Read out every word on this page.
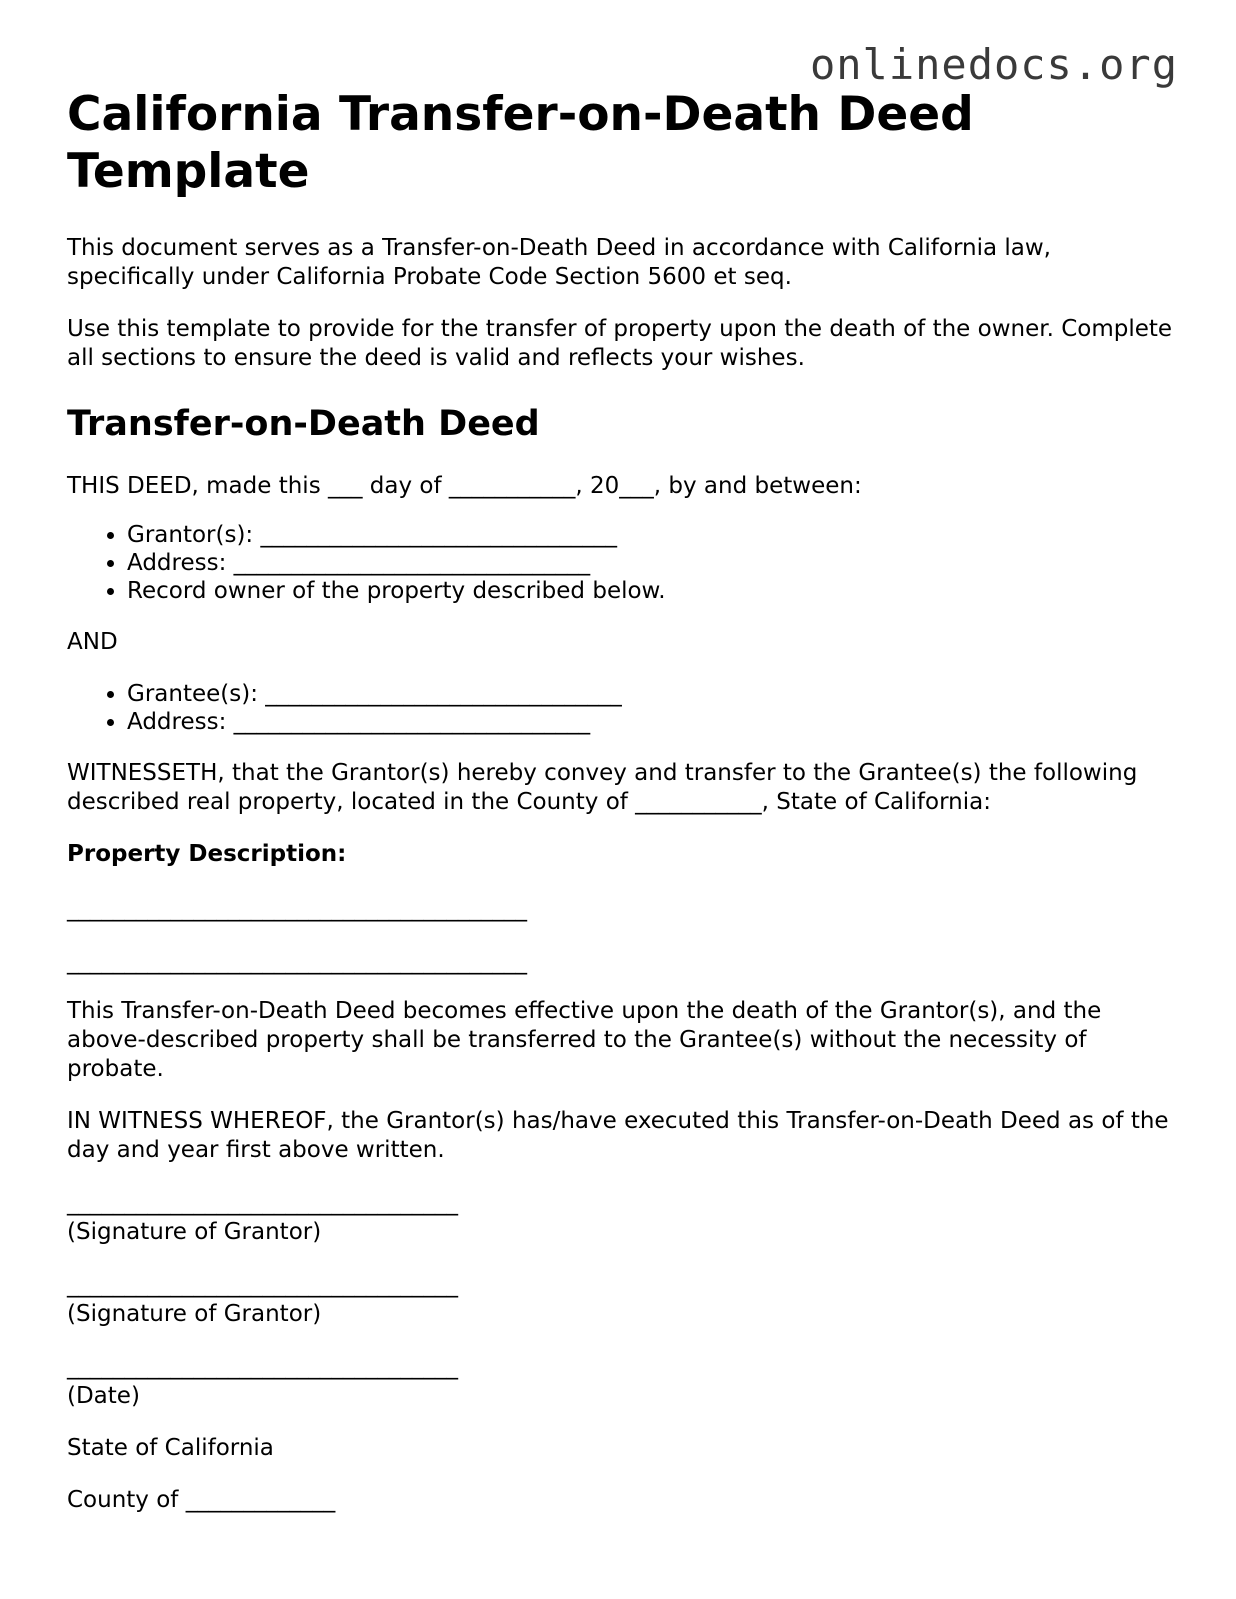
onlinedocs.org
California Transfer-on-Death Deed Template

This document serves as a Transfer-on-Death Deed in accordance with California law, specifically under California Probate Code Section 5600 et seq.

Use this template to provide for the transfer of property upon the death of the owner. Complete all sections to ensure the deed is valid and reflects your wishes.

Transfer-on-Death Deed

THIS DEED, made this ___ day of ___________, 20___, by and between:

• Grantor(s): _______________________________
• Address: _______________________________
• Record owner of the property described below.

AND

• Grantee(s): _______________________________
• Address: _______________________________

WITNESSETH, that the Grantor(s) hereby convey and transfer to the Grantee(s) the following described real property, located in the County of ___________, State of California:

Property Description:

________________________________________

________________________________________

This Transfer-on-Death Deed becomes effective upon the death of the Grantor(s), and the above-described property shall be transferred to the Grantee(s) without the necessity of probate.

IN WITNESS WHEREOF, the Grantor(s) has/have executed this Transfer-on-Death Deed as of the day and year first above written.

__________________________________

(Signature of Grantor)

__________________________________

(Signature of Grantor)

__________________________________

(Date)

State of California

County of _____________
